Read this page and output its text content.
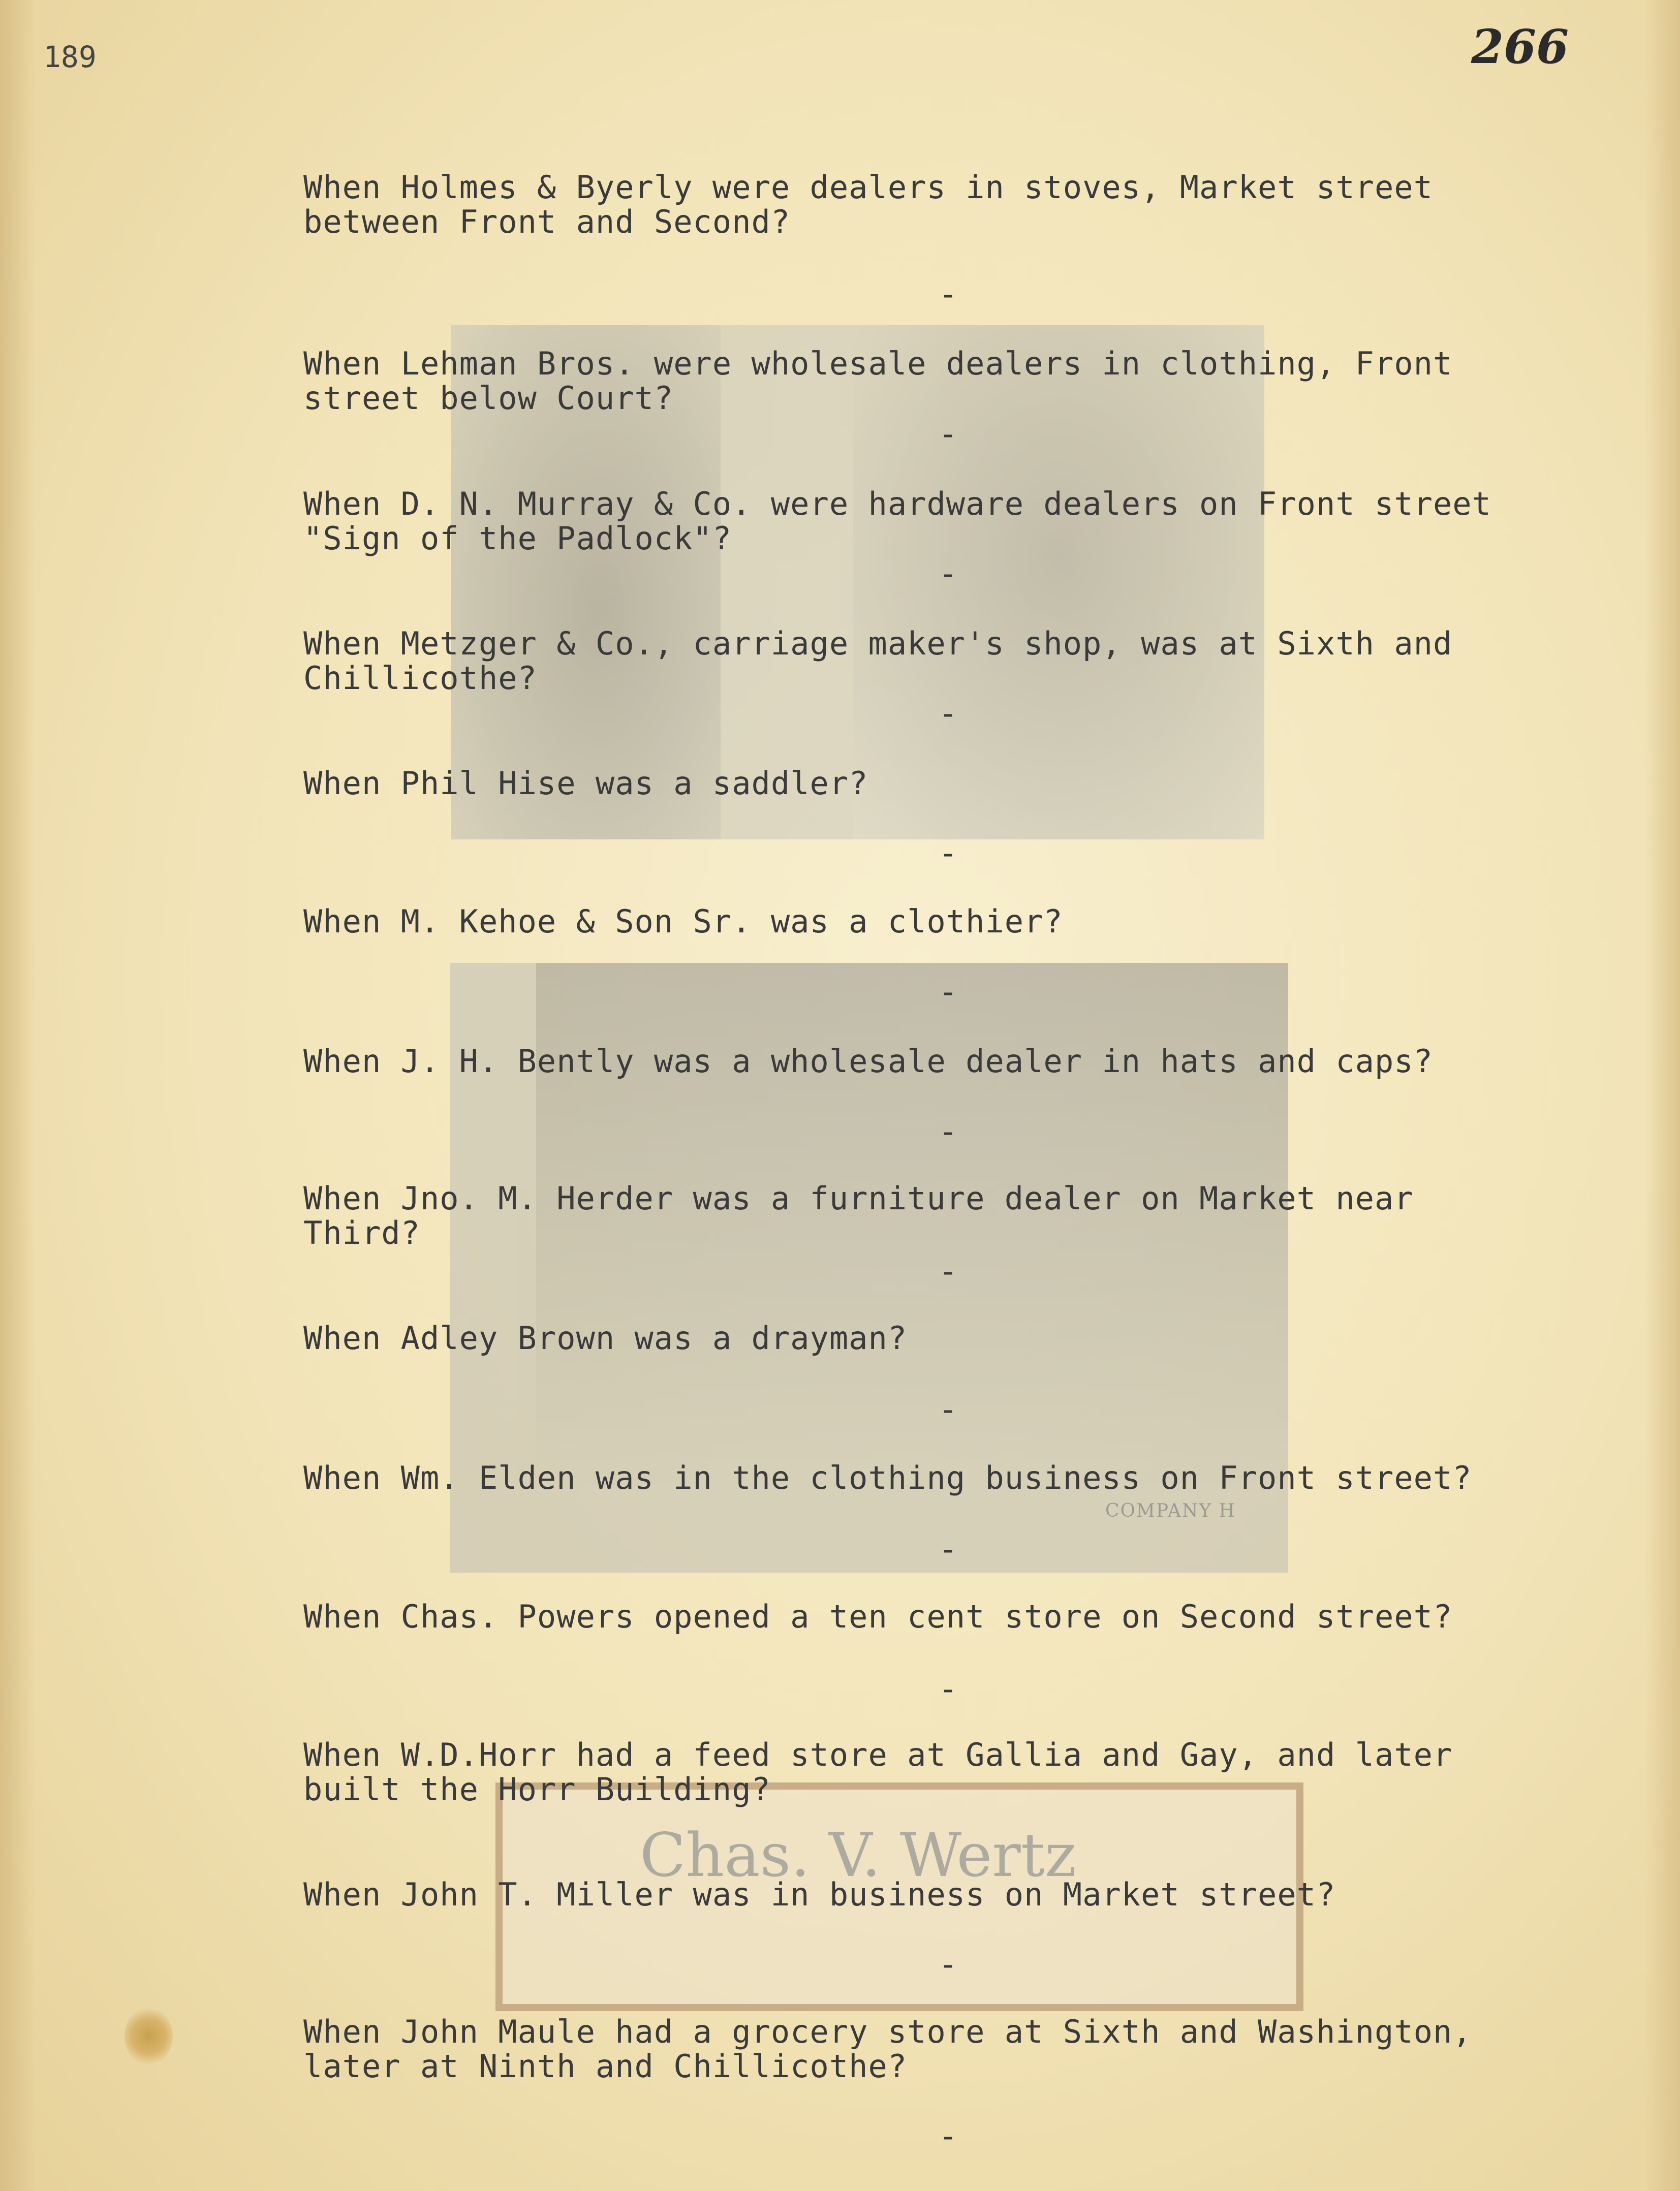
189	266
COMPANY H
Chas. V. Wertz
When Holmes & Byerly were dealers in stoves, Market street
between Front and Second?
-
When Lehman Bros. were wholesale dealers in clothing, Front
street below Court?
-
When D. N. Murray & Co. were hardware dealers on Front street
"Sign of the Padlock"?
-
When Metzger & Co., carriage maker's shop, was at Sixth and
Chillicothe?
-
When Phil Hise was a saddler?
-
When M. Kehoe & Son Sr. was a clothier?
-
When J. H. Bently was a wholesale dealer in hats and caps?
-
When Jno. M. Herder was a furniture dealer on Market near
Third?
-
When Adley Brown was a drayman?
-
When Wm. Elden was in the clothing business on Front street?
-
When Chas. Powers opened a ten cent store on Second street?
-
When W.D.Horr had a feed store at Gallia and Gay, and later
built the Horr Building?
When John T. Miller was in business on Market street?
-
When John Maule had a grocery store at Sixth and Washington,
later at Ninth and Chillicothe?
-
